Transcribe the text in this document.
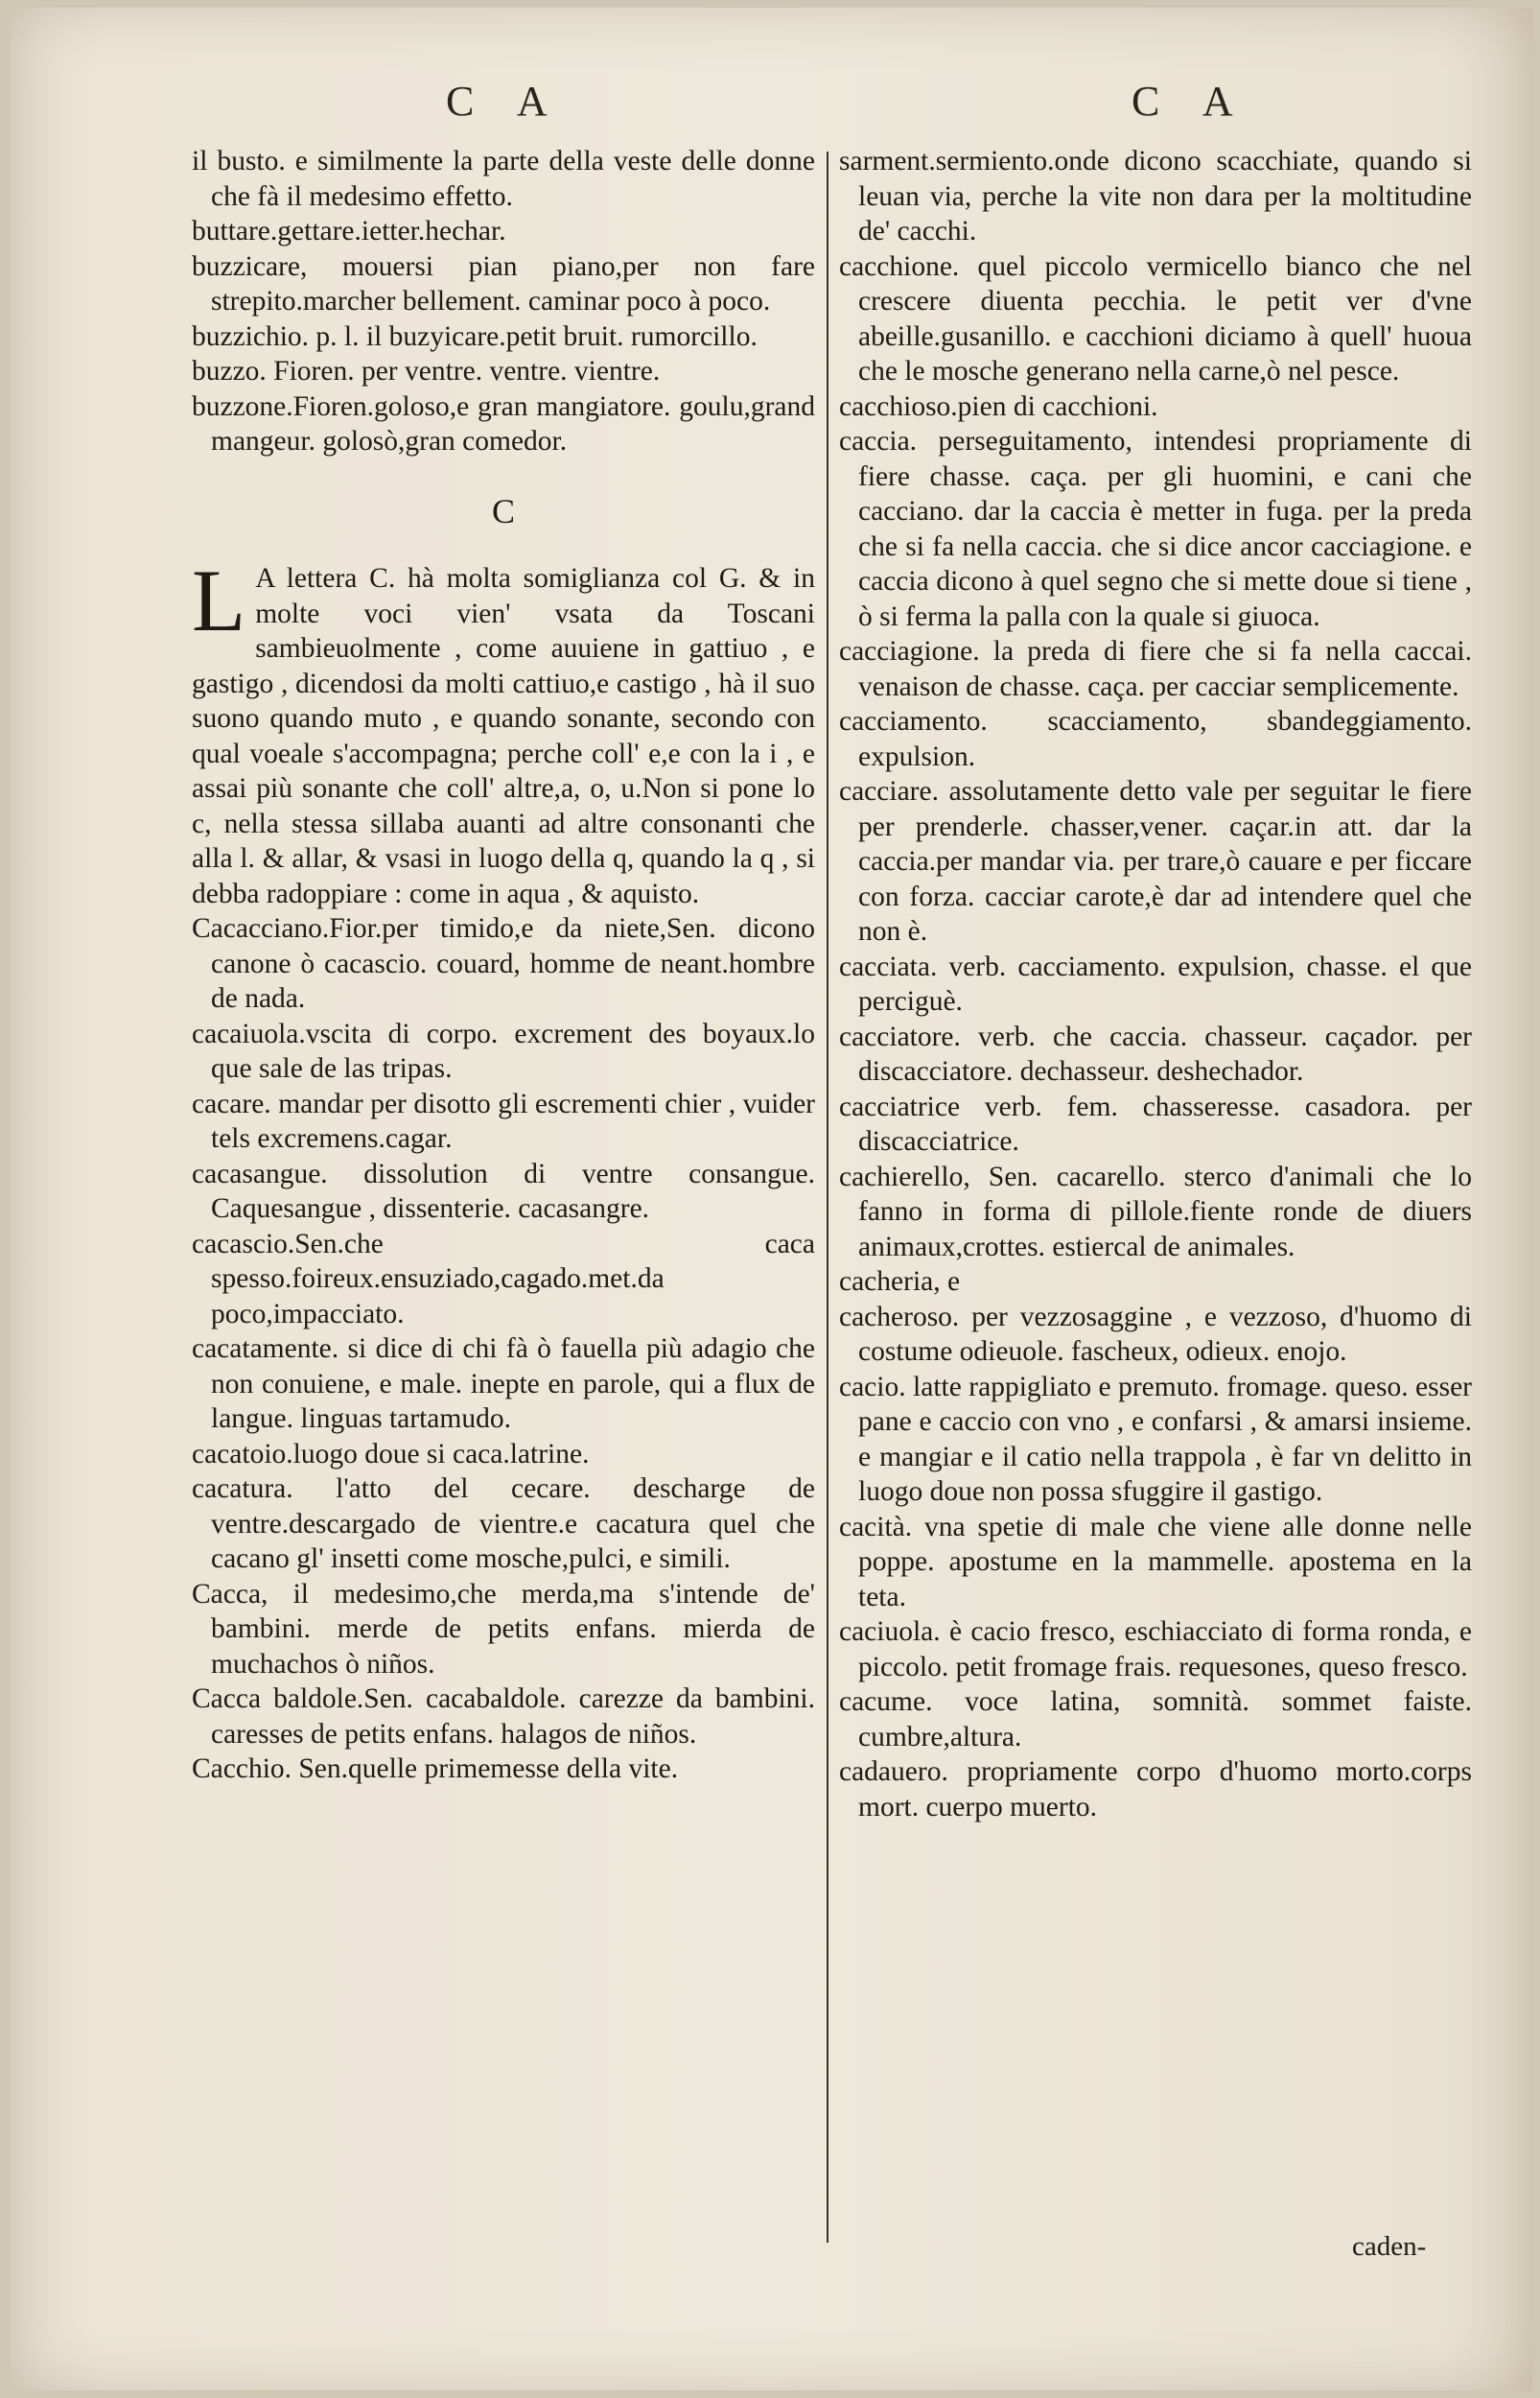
C A	C A

il busto. e similmente la parte della veste delle donne che fà il medesimo effetto.

buttare.gettare.ietter.hechar.

buzzicare, mouersi pian piano,per non fare strepito.marcher bellement. caminar poco à poco.

buzzichio. p. l. il buzyicare.petit bruit. rumorcillo.

buzzo. Fioren. per ventre. ventre. vientre.

buzzone.Fioren.goloso,e gran mangiatore. goulu,grand mangeur. golosò,gran comedor.

C

L A lettera C. hà molta somiglianza col G. & in molte voci vien' vsata da Toscani sambieuolmente , come auuiene in gattiuo , e gastigo , dicendosi da molti cattiuo,e castigo , hà il suo suono quando muto , e quando sonante, secondo con qual voeale s'accompagna; perche coll' e,e con la i , e assai più sonante che coll' altre,a, o, u.Non si pone lo c, nella stessa sillaba auanti ad altre consonanti che alla l. & allar, & vsasi in luogo della q, quando la q , si debba radoppiare : come in aqua , & aquisto.

Cacacciano.Fior.per timido,e da niete,Sen. dicono canone ò cacascio. couard, homme de neant.hombre de nada.

cacaiuola.vscita di corpo. excrement des boyaux.lo que sale de las tripas.

cacare. mandar per disotto gli escrementi chier , vuider tels excremens.cagar.

cacasangue. dissolution di ventre consangue. Caquesangue , dissenterie. cacasangre.

cacascio.Sen.che caca spesso.foireux.ensuziado,cagado.met.da poco,impacciato.

cacatamente. si dice di chi fà ò fauella più adagio che non conuiene, e male. inepte en parole, qui a flux de langue. linguas tartamudo.

cacatoio.luogo doue si caca.latrine.

cacatura. l'atto del cecare. descharge de ventre.descargado de vientre.e cacatura quel che cacano gl' insetti come mosche,pulci, e simili.

Cacca, il medesimo,che merda,ma s'intende de' bambini. merde de petits enfans. mierda de muchachos ò niños.

Cacca baldole.Sen. cacabaldole. carezze da bambini. caresses de petits enfans. halagos de niños.

Cacchio. Sen.quelle primemesse della vite.

sarment.sermiento.onde dicono scacchiate, quando si leuan via, perche la vite non dara per la moltitudine de' cacchi.

cacchione. quel piccolo vermicello bianco che nel crescere diuenta pecchia. le petit ver d'vne abeille.gusanillo. e cacchioni diciamo à quell' huoua che le mosche generano nella carne,ò nel pesce.

cacchioso.pien di cacchioni.

caccia. perseguitamento, intendesi propriamente di fiere chasse. caça. per gli huomini, e cani che cacciano. dar la caccia è metter in fuga. per la preda che si fa nella caccia. che si dice ancor cacciagione. e caccia dicono à quel segno che si mette doue si tiene , ò si ferma la palla con la quale si giuoca.

cacciagione. la preda di fiere che si fa nella caccai. venaison de chasse. caça. per cacciar semplicemente.

cacciamento. scacciamento, sbandeggiamento. expulsion.

cacciare. assolutamente detto vale per seguitar le fiere per prenderle. chasser,vener. caçar.in att. dar la caccia.per mandar via. per trare,ò cauare e per ficcare con forza. cacciar carote,è dar ad intendere quel che non è.

cacciata. verb. cacciamento. expulsion, chasse. el que perciguè.

cacciatore. verb. che caccia. chasseur. caçador. per discacciatore. dechasseur. deshechador.

cacciatrice verb. fem. chasseresse. casadora. per discacciatrice.

cachierello, Sen. cacarello. sterco d'animali che lo fanno in forma di pillole.fiente ronde de diuers animaux,crottes. estiercal de animales.

cacheria, e

cacheroso. per vezzosaggine , e vezzoso, d'huomo di costume odieuole. fascheux, odieux. enojo.

cacio. latte rappigliato e premuto. fromage. queso. esser pane e caccio con vno , e confarsi , & amarsi insieme. e mangiar e il catio nella trappola , è far vn delitto in luogo doue non possa sfuggire il gastigo.

cacità. vna spetie di male che viene alle donne nelle poppe. apostume en la mammelle. apostema en la teta.

caciuola. è cacio fresco, eschiacciato di forma ronda, e piccolo. petit fromage frais. requesones, queso fresco.

cacume. voce latina, somnità. sommet faiste. cumbre,altura.

cadauero. propriamente corpo d'huomo morto.corps mort. cuerpo muerto.

caden-
